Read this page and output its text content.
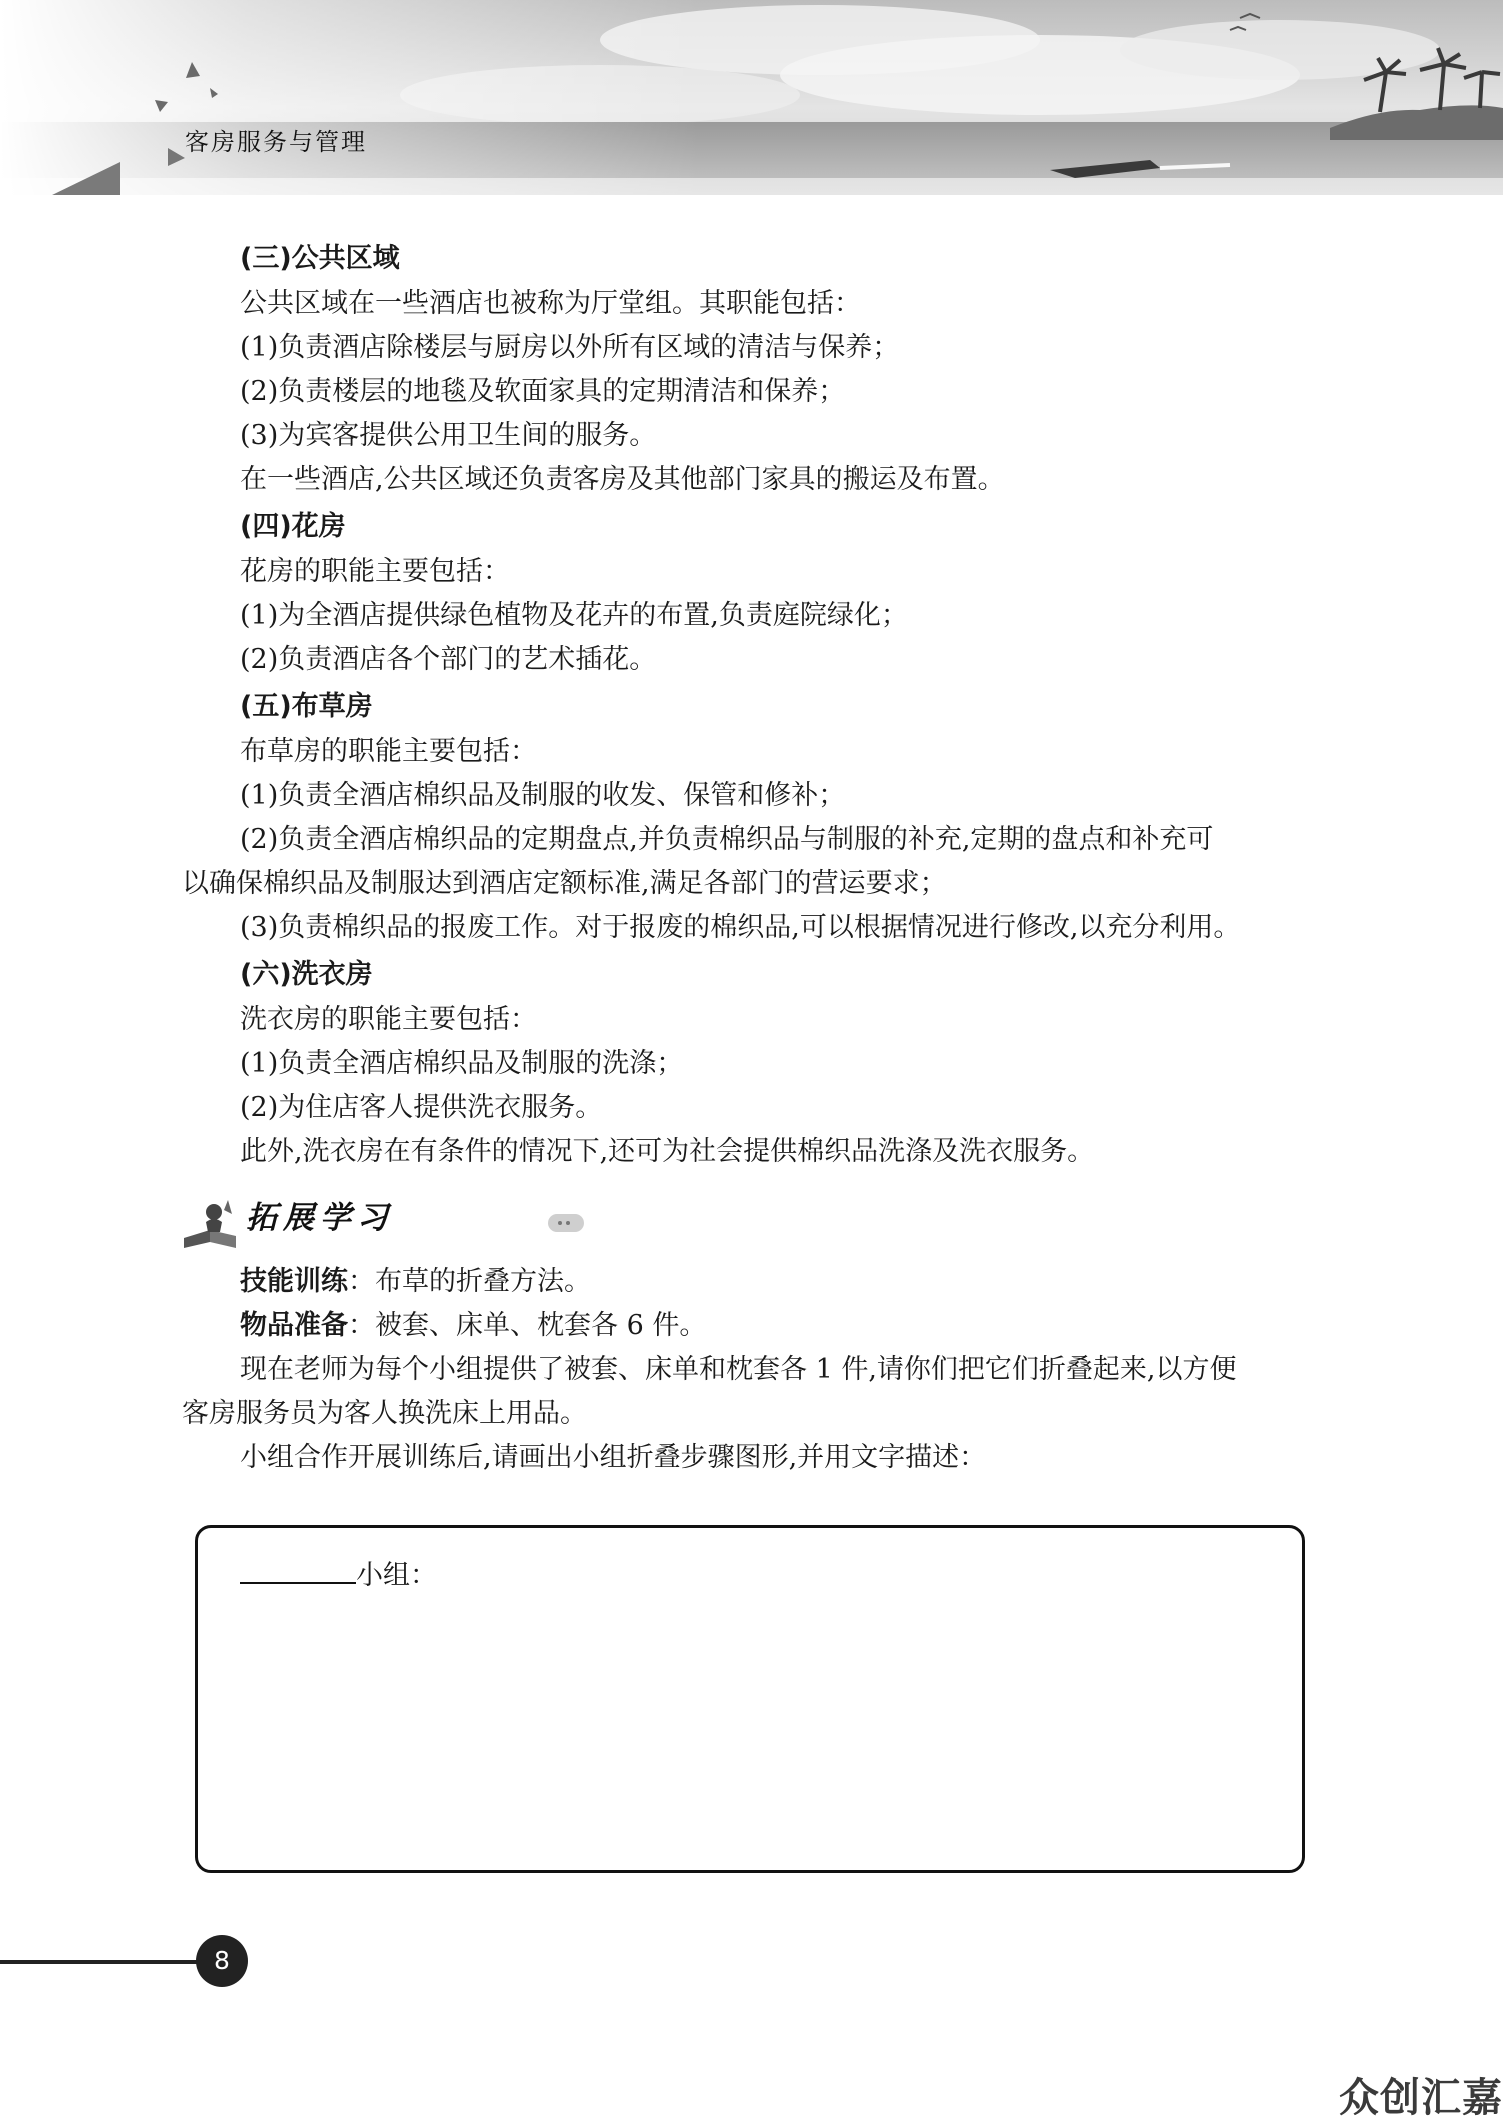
客房服务与管理
(三)公共区域
公共区域在一些酒店也被称为厅堂组。其职能包括：
(1)负责酒店除楼层与厨房以外所有区域的清洁与保养；
(2)负责楼层的地毯及软面家具的定期清洁和保养；
(3)为宾客提供公用卫生间的服务。
在一些酒店,公共区域还负责客房及其他部门家具的搬运及布置。
(四)花房
花房的职能主要包括：
(1)为全酒店提供绿色植物及花卉的布置,负责庭院绿化；
(2)负责酒店各个部门的艺术插花。
(五)布草房
布草房的职能主要包括：
(1)负责全酒店棉织品及制服的收发、保管和修补；
(2)负责全酒店棉织品的定期盘点,并负责棉织品与制服的补充,定期的盘点和补充可
以确保棉织品及制服达到酒店定额标准,满足各部门的营运要求；
(3)负责棉织品的报废工作。对于报废的棉织品,可以根据情况进行修改,以充分利用。
(六)洗衣房
洗衣房的职能主要包括：
(1)负责全酒店棉织品及制服的洗涤；
(2)为住店客人提供洗衣服务。
此外,洗衣房在有条件的情况下,还可为社会提供棉织品洗涤及洗衣服务。
拓展学习
技能训练：布草的折叠方法。
物品准备：被套、床单、枕套各 6 件。
现在老师为每个小组提供了被套、床单和枕套各 1 件,请你们把它们折叠起来,以方便
客房服务员为客人换洗床上用品。
小组合作开展训练后,请画出小组折叠步骤图形,并用文字描述：
小组：
8
众创汇嘉
